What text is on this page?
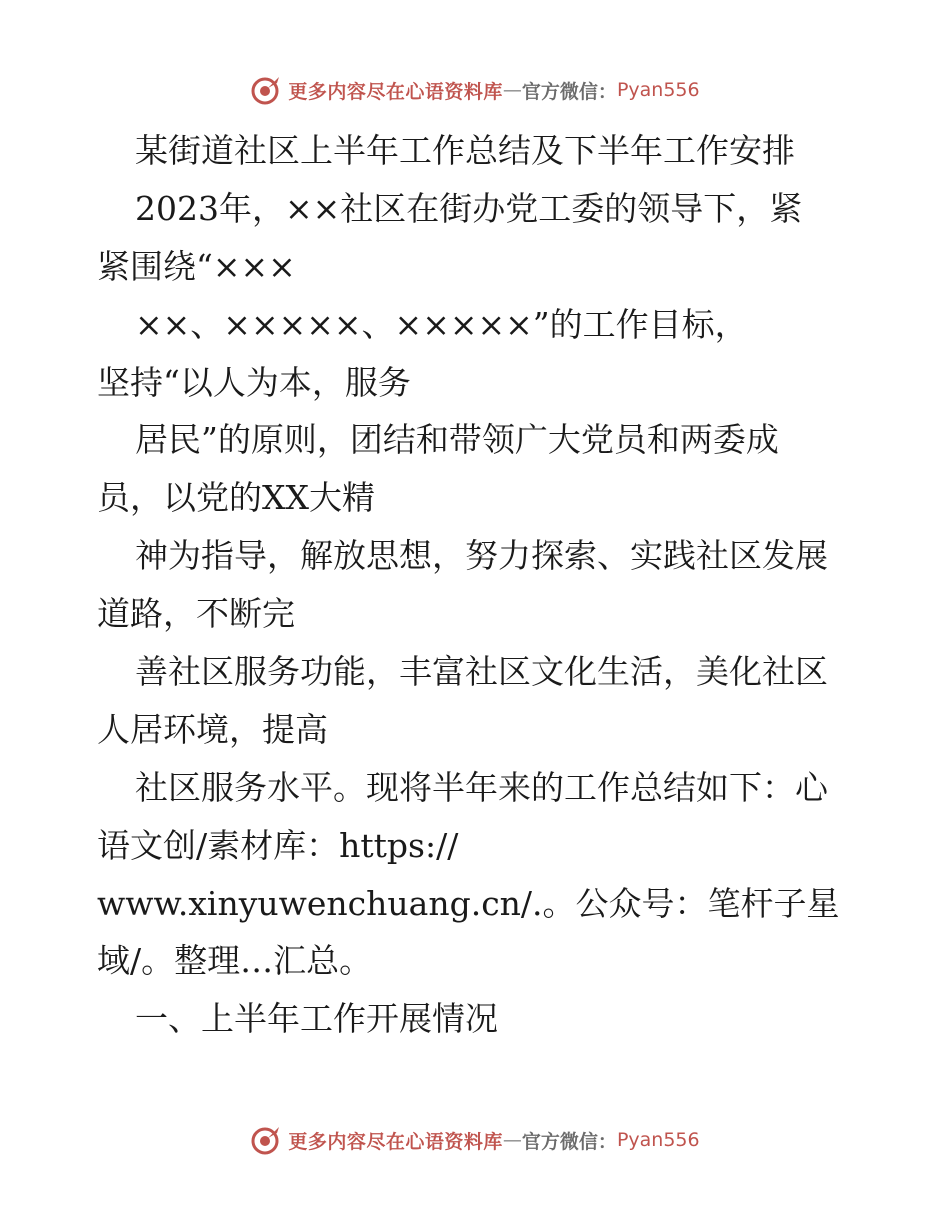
更多内容尽在心语资料库 — 官方微信： Pyan556
某街道社区上半年工作总结及下半年工作安排
2023年，××社区在街办党工委的领导下，紧
紧围绕“×××
××、×××××、×××××”的工作目标，
坚持“以人为本，服务
居民”的原则，团结和带领广大党员和两委成
员，以党的XX大精
神为指导，解放思想，努力探索、实践社区发展
道路，不断完
善社区服务功能，丰富社区文化生活，美化社区
人居环境，提高
社区服务水平。现将半年来的工作总结如下：心
语文创/素材库：https://
www.xinyuwenchuang.cn/.。公众号：笔杆子星
域/。整理…汇总。
一、上半年工作开展情况
更多内容尽在心语资料库 — 官方微信： Pyan556
